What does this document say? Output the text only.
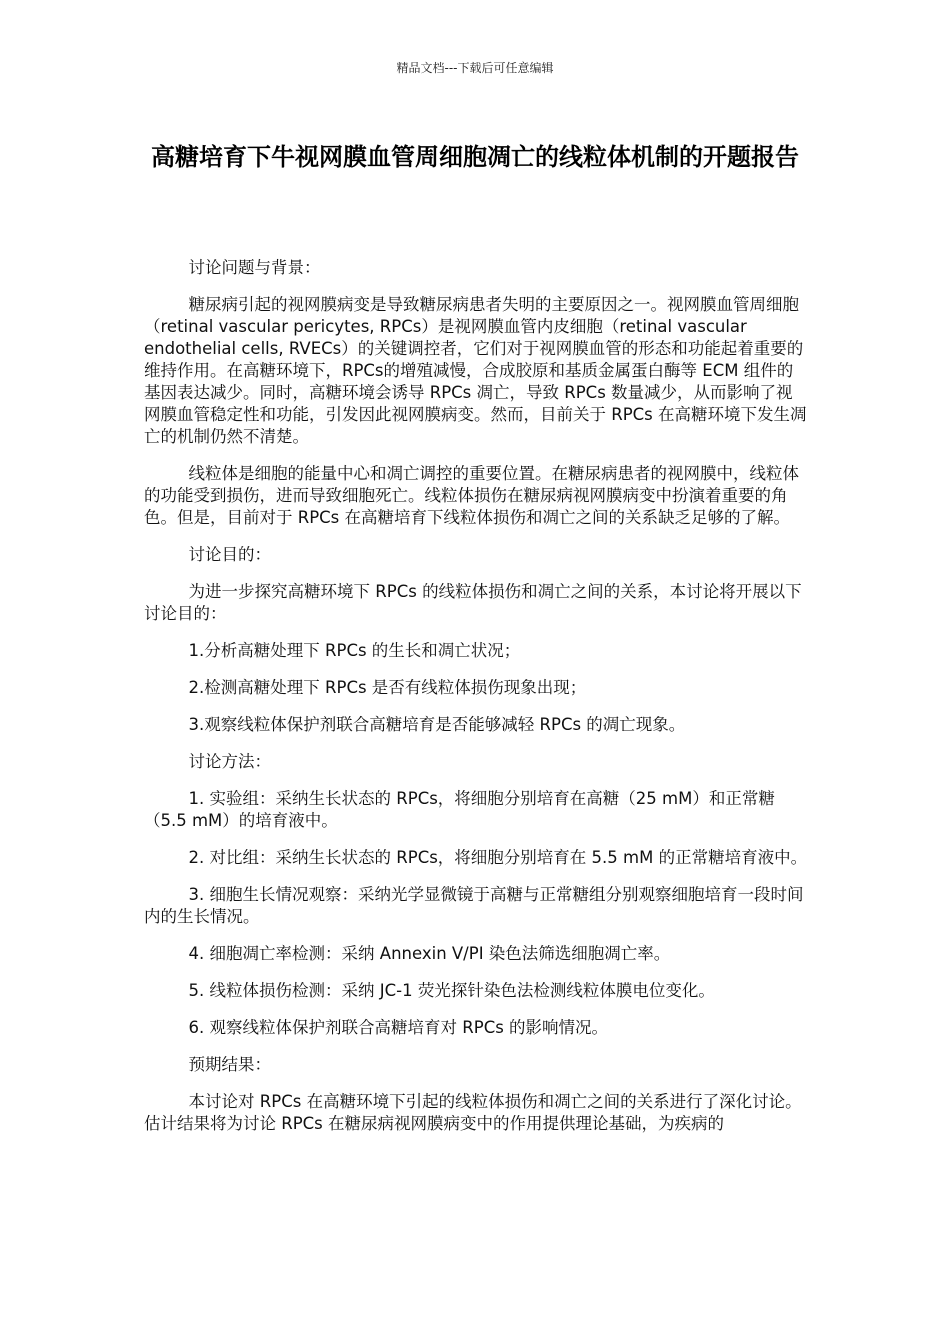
精品文档---下载后可任意编辑
高糖培育下牛视网膜血管周细胞凋亡的线粒体机制的开题报告

讨论问题与背景：

糖尿病引起的视网膜病变是导致糖尿病患者失明的主要原因之一。视网膜血管周细胞（retinal vascular pericytes, RPCs）是视网膜血管内皮细胞（retinal vascular endothelial cells, RVECs）的关键调控者，它们对于视网膜血管的形态和功能起着重要的维持作用。在高糖环境下，RPCs的增殖减慢，合成胶原和基质金属蛋白酶等 ECM 组件的基因表达减少。同时，高糖环境会诱导 RPCs 凋亡，导致 RPCs 数量减少，从而影响了视网膜血管稳定性和功能，引发因此视网膜病变。然而，目前关于 RPCs 在高糖环境下发生凋亡的机制仍然不清楚。

线粒体是细胞的能量中心和凋亡调控的重要位置。在糖尿病患者的视网膜中，线粒体的功能受到损伤，进而导致细胞死亡。线粒体损伤在糖尿病视网膜病变中扮演着重要的角色。但是，目前对于 RPCs 在高糖培育下线粒体损伤和凋亡之间的关系缺乏足够的了解。

讨论目的：

为进一步探究高糖环境下 RPCs 的线粒体损伤和凋亡之间的关系，本讨论将开展以下讨论目的：

1.分析高糖处理下 RPCs 的生长和凋亡状况；

2.检测高糖处理下 RPCs 是否有线粒体损伤现象出现；

3.观察线粒体保护剂联合高糖培育是否能够减轻 RPCs 的凋亡现象。

讨论方法：

1. 实验组：采纳生长状态的 RPCs，将细胞分别培育在高糖（25 mM）和正常糖（5.5 mM）的培育液中。

2. 对比组：采纳生长状态的 RPCs，将细胞分别培育在 5.5 mM 的正常糖培育液中。

3. 细胞生长情况观察：采纳光学显微镜于高糖与正常糖组分别观察细胞培育一段时间内的生长情况。

4. 细胞凋亡率检测：采纳 Annexin V/PI 染色法筛选细胞凋亡率。

5. 线粒体损伤检测：采纳 JC-1 荧光探针染色法检测线粒体膜电位变化。

6. 观察线粒体保护剂联合高糖培育对 RPCs 的影响情况。

预期结果：

本讨论对 RPCs 在高糖环境下引起的线粒体损伤和凋亡之间的关系进行了深化讨论。估计结果将为讨论 RPCs 在糖尿病视网膜病变中的作用提供理论基础，为疾病的
